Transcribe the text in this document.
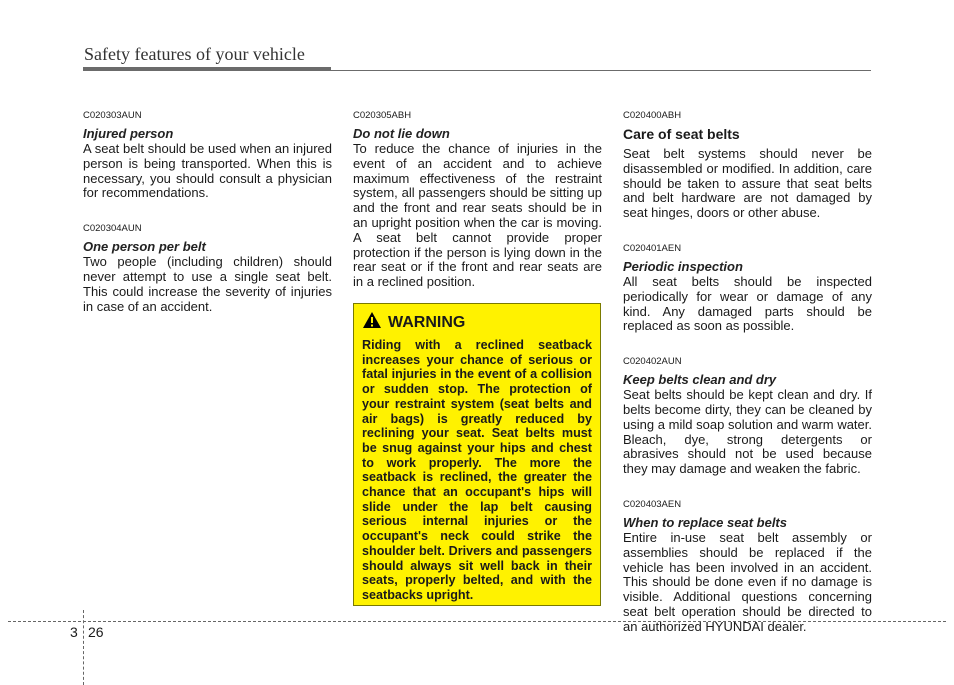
Safety features of your vehicle

C020303AUN

Injured person

A seat belt should be used when an injured person is being transported. When this is necessary, you should consult a physician for recommendations.

C020304AUN

One person per belt

Two people (including children) should never attempt to use a single seat belt. This could increase the severity of injuries in case of an accident.

C020305ABH

Do not lie down

To reduce the chance of injuries in the event of an accident and to achieve maximum effectiveness of the restraint system, all passengers should be sitting up and the front and rear seats should be in an upright position when the car is moving. A seat belt cannot provide proper protection if the person is lying down in the rear seat or if the front and rear seats are in a reclined position.

WARNING

Riding with a reclined seatback increases your chance of serious or fatal injuries in the event of a collision or sudden stop. The protection of your restraint system (seat belts and air bags) is greatly reduced by reclining your seat. Seat belts must be snug against your hips and chest to work properly. The more the seatback is reclined, the greater the chance that an occupant's hips will slide under the lap belt causing serious internal injuries or the occupant's neck could strike the shoulder belt. Drivers and passengers should always sit well back in their seats, properly belted, and with the seatbacks upright.

C020400ABH

Care of seat belts

Seat belt systems should never be disassembled or modified. In addition, care should be taken to assure that seat belts and belt hardware are not damaged by seat hinges, doors or other abuse.

C020401AEN

Periodic inspection

All seat belts should be inspected periodically for wear or damage of any kind. Any damaged parts should be replaced as soon as possible.

C020402AUN

Keep belts clean and dry

Seat belts should be kept clean and dry. If belts become dirty, they can be cleaned by using a mild soap solution and warm water. Bleach, dye, strong detergents or abrasives should not be used because they may damage and weaken the fabric.

C020403AEN

When to replace seat belts

Entire in-use seat belt assembly or assemblies should be replaced if the vehicle has been involved in an accident. This should be done even if no damage is visible. Additional questions concerning seat belt operation should be directed to an authorized HYUNDAI dealer.

3 26
